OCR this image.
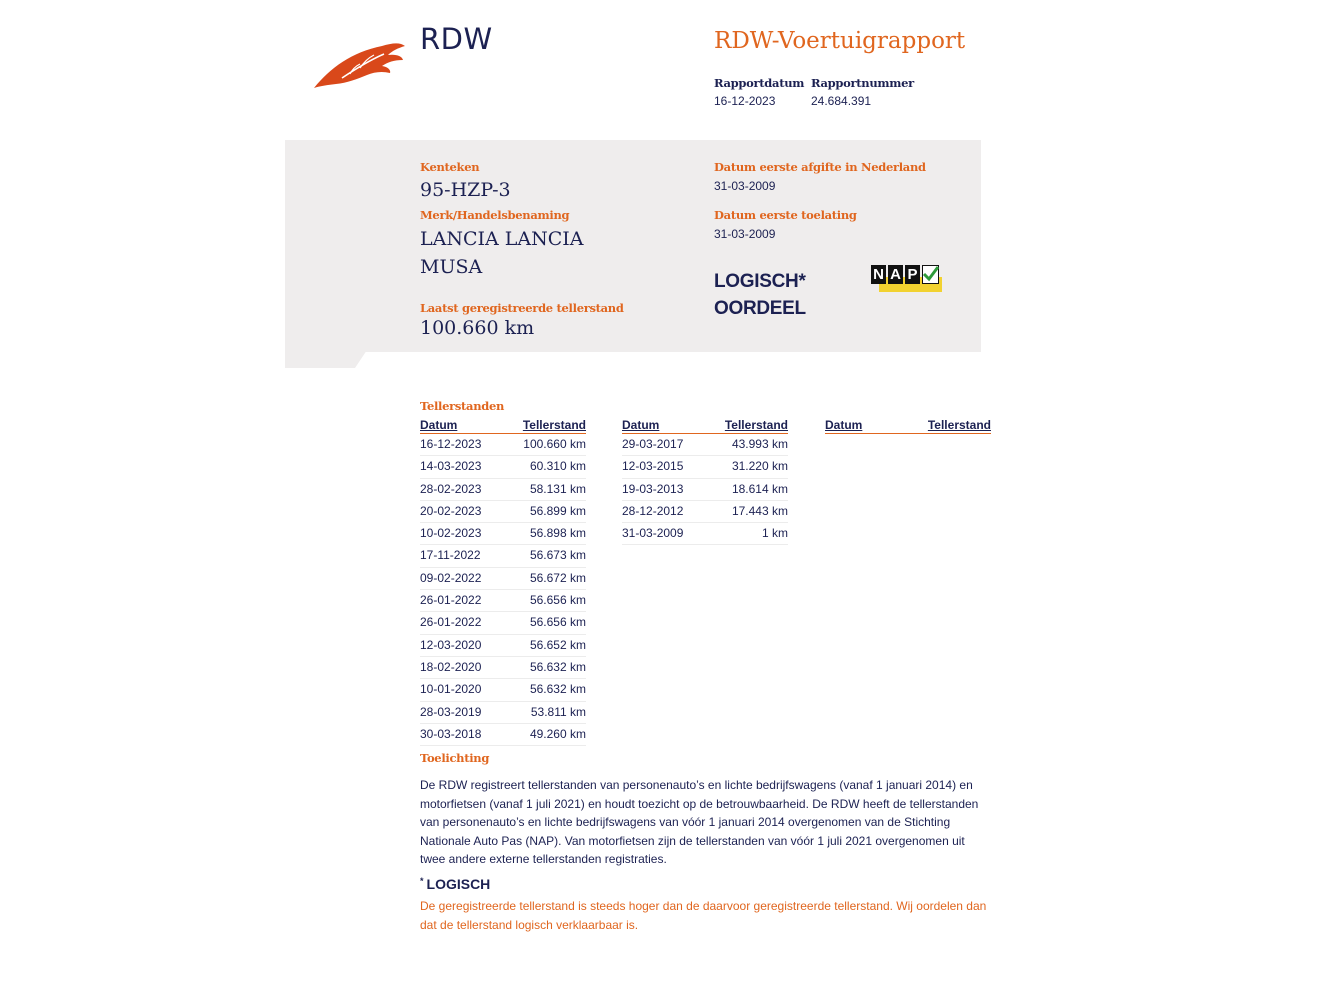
RDW	RDW-Voertuigrapport
Rapportdatum Rapportnummer
16-12-2023	24.684.391
Kenteken
95-HZP-3
Merk/Handelsbenaming
LANCIA LANCIA
MUSA
Laatst geregistreerde tellerstand
100.660 km
Datum eerste afgifte in Nederland
31-03-2009
Datum eerste toelating
31-03-2009
LOGISCH*
OORDEEL
N A P
Tellerstanden
Datum	Tellerstand
16-12-2023	100.660 km
14-03-2023	60.310 km
28-02-2023	58.131 km
20-02-2023	56.899 km
10-02-2023	56.898 km
17-11-2022	56.673 km
09-02-2022	56.672 km
26-01-2022	56.656 km
26-01-2022	56.656 km
12-03-2020	56.652 km
18-02-2020	56.632 km
10-01-2020	56.632 km
28-03-2019	53.811 km
30-03-2018	49.260 km
Datum	Tellerstand
29-03-2017	43.993 km
12-03-2015	31.220 km
19-03-2013	18.614 km
28-12-2012	17.443 km
31-03-2009	1 km
Datum	Tellerstand
Toelichting
De RDW registreert tellerstanden van personenauto’s en lichte bedrijfswagens (vanaf 1 januari 2014) en motorfietsen (vanaf 1 juli 2021) en houdt toezicht op de betrouwbaarheid. De RDW heeft de tellerstanden van personenauto’s en lichte bedrijfswagens van vóór 1 januari 2014 overgenomen van de Stichting Nationale Auto Pas (NAP). Van motorfietsen zijn de tellerstanden van vóór 1 juli 2021 overgenomen uit twee andere externe tellerstanden registraties.
* LOGISCH
De geregistreerde tellerstand is steeds hoger dan de daarvoor geregistreerde tellerstand. Wij oordelen dan dat de tellerstand logisch verklaarbaar is.
